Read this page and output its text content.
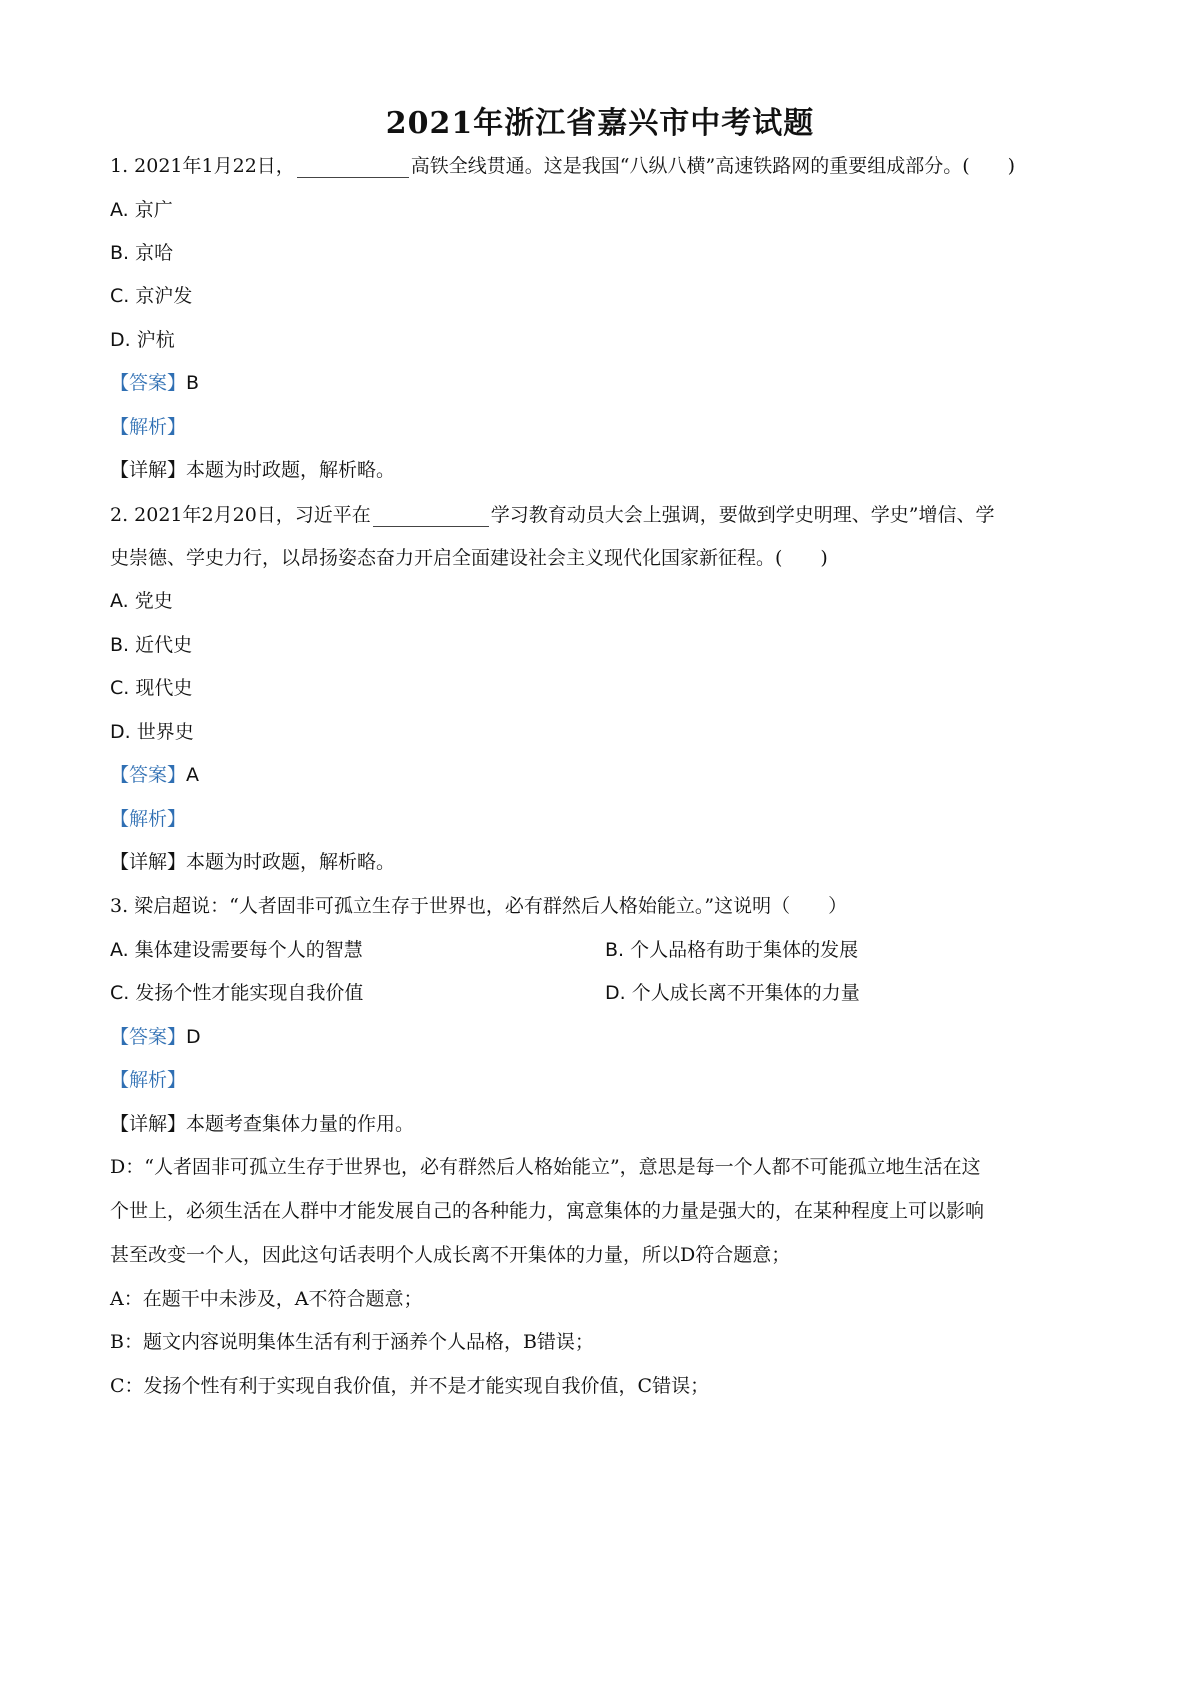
2021年浙江省嘉兴市中考试题
1. 2021年1月22日，	高铁全线贯通。这是我国“八纵八横”高速铁路网的重要组成部分。(　　)
A. 京广
B. 京哈
C. 京沪发
D. 沪杭
【答案】B
【解析】
【详解】本题为时政题，解析略。
2. 2021年2月20日，习近平在	学习教育动员大会上强调，要做到学史明理、学史”增信、学
史崇德、学史力行，以昂扬姿态奋力开启全面建设社会主义现代化国家新征程。(　　)
A. 党史
B. 近代史
C. 现代史
D. 世界史
【答案】A
【解析】
【详解】本题为时政题，解析略。
3. 梁启超说：“人者固非可孤立生存于世界也，必有群然后人格始能立。”这说明（　　）
A. 集体建设需要每个人的智慧	B. 个人品格有助于集体的发展
C. 发扬个性才能实现自我价值	D. 个人成长离不开集体的力量
【答案】D
【解析】
【详解】本题考查集体力量的作用。
D：“人者固非可孤立生存于世界也，必有群然后人格始能立”，意思是每一个人都不可能孤立地生活在这
个世上，必须生活在人群中才能发展自己的各种能力，寓意集体的力量是强大的，在某种程度上可以影响
甚至改变一个人，因此这句话表明个人成长离不开集体的力量，所以D符合题意；
A：在题干中未涉及，A不符合题意；
B：题文内容说明集体生活有利于涵养个人品格，B错误；
C：发扬个性有利于实现自我价值，并不是才能实现自我价值，C错误；
